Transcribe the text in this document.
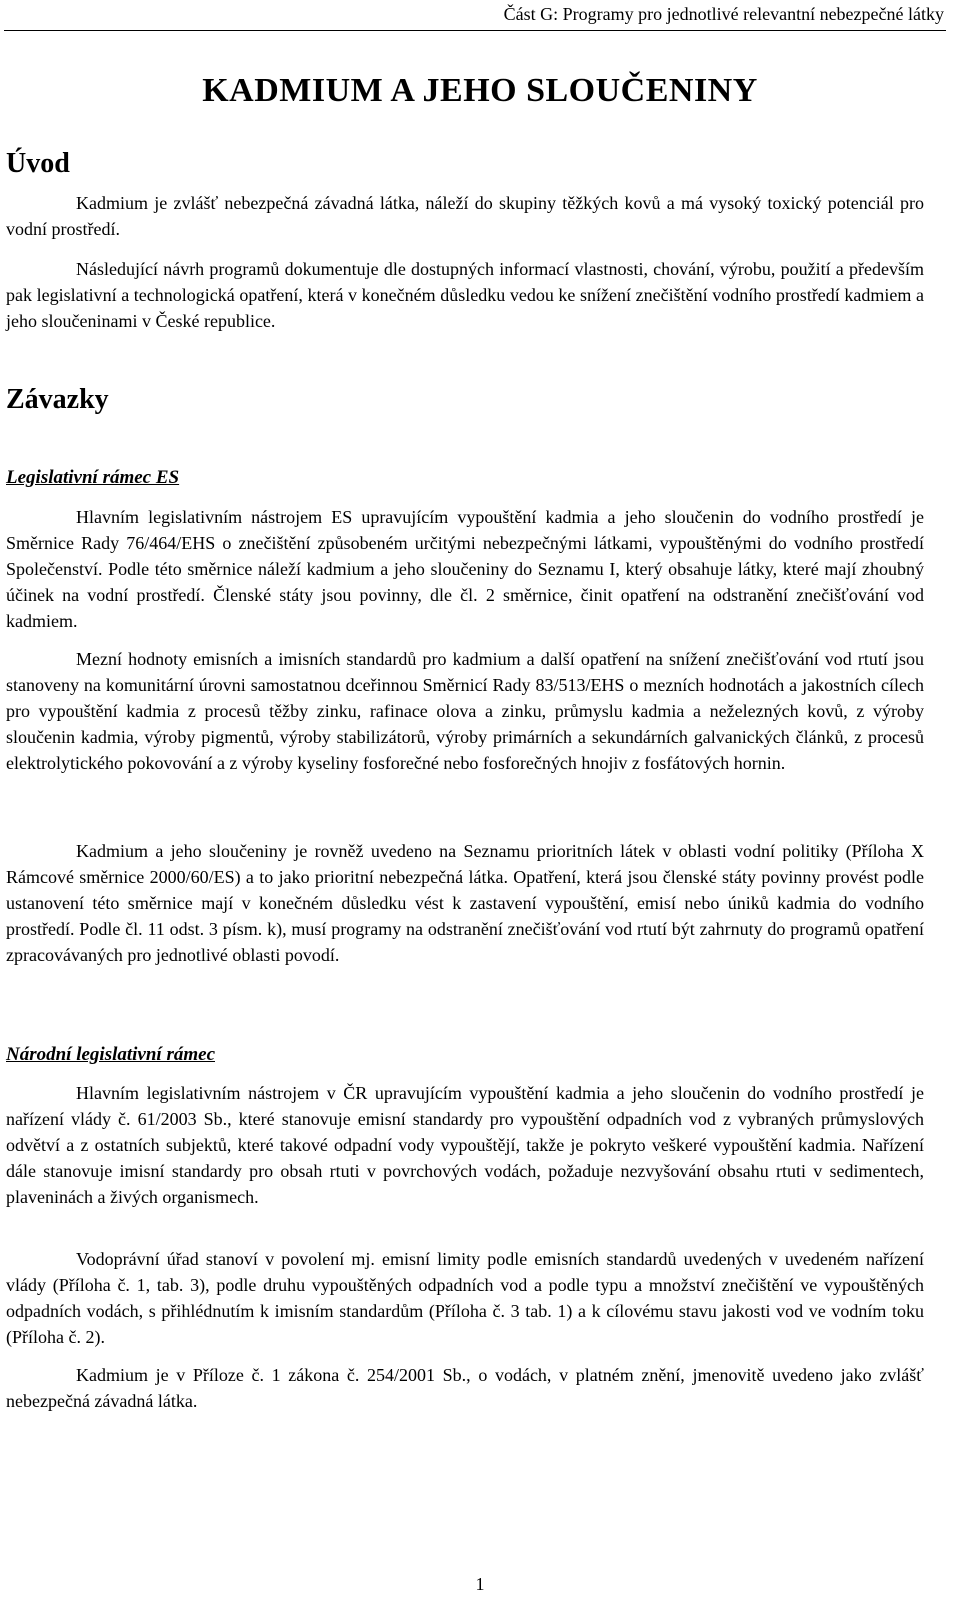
Část G: Programy pro jednotlivé relevantní nebezpečné látky
KADMIUM A JEHO SLOUČENINY
Úvod

Kadmium je zvlášť nebezpečná závadná látka, náleží do skupiny těžkých kovů a má vysoký toxický potenciál pro vodní prostředí.

Následující návrh programů dokumentuje dle dostupných informací vlastnosti, chování, výrobu, použití a především pak legislativní a technologická opatření, která v konečném důsledku vedou ke snížení znečištění vodního prostředí kadmiem a jeho sloučeninami v České republice.

Závazky
Legislativní rámec ES

Hlavním legislativním nástrojem ES upravujícím vypouštění kadmia a jeho sloučenin do vodního prostředí je Směrnice Rady 76/464/EHS o znečištění způsobeném určitými nebezpečnými látkami, vypouštěnými do vodního prostředí Společenství. Podle této směrnice náleží kadmium a jeho sloučeniny do Seznamu I, který obsahuje látky, které mají zhoubný účinek na vodní prostředí. Členské státy jsou povinny, dle čl. 2 směrnice, činit opatření na odstranění znečišťování vod kadmiem.

Mezní hodnoty emisních a imisních standardů pro kadmium a další opatření na snížení znečišťování vod rtutí jsou stanoveny na komunitární úrovni samostatnou dceřinnou Směrnicí Rady 83/513/EHS o mezních hodnotách a jakostních cílech pro vypouštění kadmia z procesů těžby zinku, rafinace olova a zinku, průmyslu kadmia a neželezných kovů, z výroby sloučenin kadmia, výroby pigmentů, výroby stabilizátorů, výroby primárních a sekundárních galvanických článků, z procesů elektrolytického pokovování a z výroby kyseliny fosforečné nebo fosforečných hnojiv z fosfátových hornin.

Kadmium a jeho sloučeniny je rovněž uvedeno na Seznamu prioritních látek v oblasti vodní politiky (Příloha X Rámcové směrnice 2000/60/ES) a to jako prioritní nebezpečná látka. Opatření, která jsou členské státy povinny provést podle ustanovení této směrnice mají v konečném důsledku vést k zastavení vypouštění, emisí nebo úniků kadmia do vodního prostředí. Podle čl. 11 odst. 3 písm. k), musí programy na odstranění znečišťování vod rtutí být zahrnuty do programů opatření zpracovávaných pro jednotlivé oblasti povodí.

Národní legislativní rámec

Hlavním legislativním nástrojem v ČR upravujícím vypouštění kadmia a jeho sloučenin do vodního prostředí je nařízení vlády č. 61/2003 Sb., které stanovuje emisní standardy pro vypouštění odpadních vod z vybraných průmyslových odvětví a z ostatních subjektů, které takové odpadní vody vypouštějí, takže je pokryto veškeré vypouštění kadmia. Nařízení dále stanovuje imisní standardy pro obsah rtuti v povrchových vodách, požaduje nezvyšování obsahu rtuti v sedimentech, plaveninách a živých organismech.

Vodoprávní úřad stanoví v povolení mj. emisní limity podle emisních standardů uvedených v uvedeném nařízení vlády (Příloha č. 1, tab. 3), podle druhu vypouštěných odpadních vod a podle typu a množství znečištění ve vypouštěných odpadních vodách, s přihlédnutím k imisním standardům (Příloha č. 3 tab. 1) a k cílovému stavu jakosti vod ve vodním toku (Příloha č. 2).

Kadmium je v Příloze č. 1 zákona č. 254/2001 Sb., o vodách, v platném znění, jmenovitě uvedeno jako zvlášť nebezpečná závadná látka.

1
